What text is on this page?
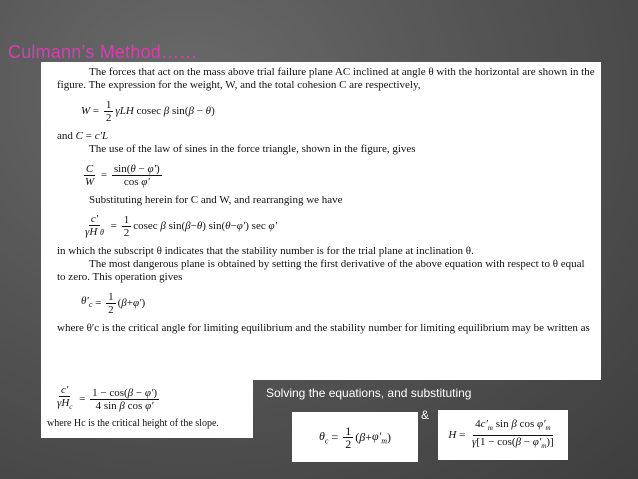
Culmann’s Method……

The forces that act on the mass above trial failure plane AC inclined at angle θ with the horizontal are shown in the figure. The expression for the weight, W, and the total cohesion C are respectively,

$W = \frac{1}{2}$ γLH cosec β sin( β − θ )

and C = c′L

The use of the law of sines in the force triangle, shown in the figure, gives

$\frac{C}{W} = \frac{\sin(\theta - \varphi')}{\text{cos φ′}}$

Substituting herein for C and W, and rearranging we have

$\frac{c'}{\text{γH θ}} = \frac{1}{2}$ cosec β sin( β − θ ) sin( θ − φ′ ) sec φ′

in which the subscript θ indicates that the stability number is for the trial plane at inclination θ.

The most dangerous plane is obtained by setting the first derivative of the above equation with respect to θ equal to zero. This operation gives

$\theta'_c = \frac{1}{2}$ ( β + φ′ )

where θ′c is the critical angle for limiting equilibrium and the stability number for limiting equilibrium may be written as

$\frac{c'}{\gamma H_c} = \frac{1 - \cos(\beta - \varphi')}{\text{4 sin β cos φ′}}$

where Hc is the critical height of the slope.

Solving the equations, and substituting

&

$\theta_c = \frac{1}{2}$ ( $\beta + \varphi'_m$ )	$H = \frac{4c'_m \sin \beta \cos \varphi'_m}{\gamma[1 - \cos(\beta - \varphi'_m)]}$
